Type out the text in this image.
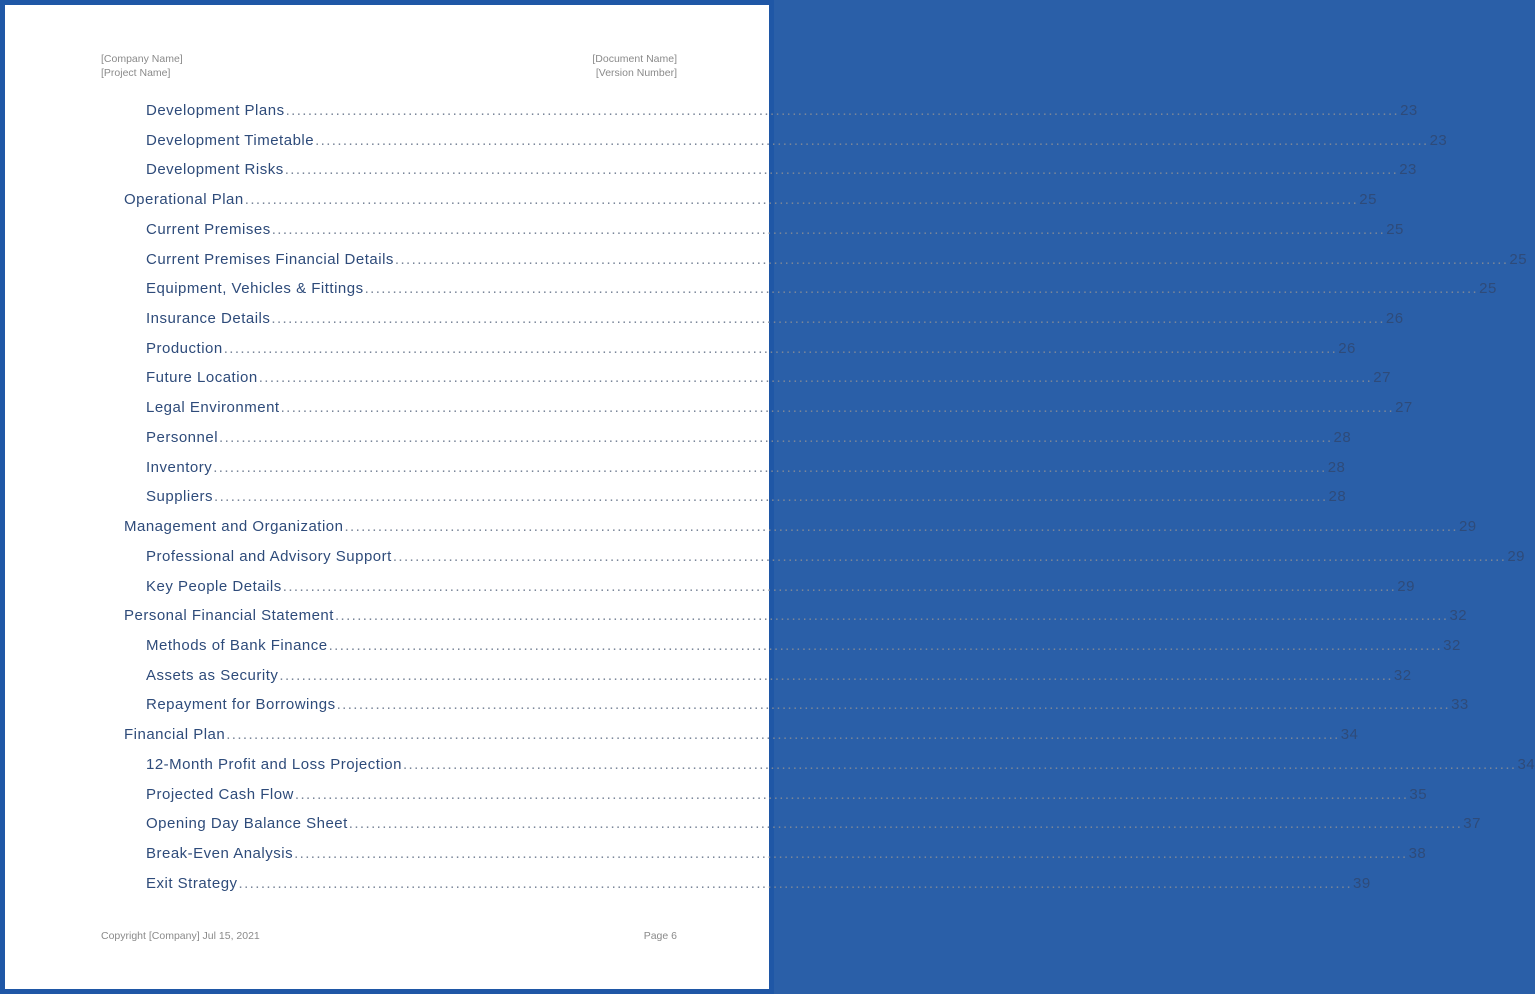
[Company Name]
[Project Name]
[Document Name]
[Version Number]
Development Plans ........................................................................................................................................................................................................ 23
Development Timetable ........................................................................................................................................................................................................ 23
Development Risks ........................................................................................................................................................................................................ 23
Operational Plan ........................................................................................................................................................................................................ 25
Current Premises ........................................................................................................................................................................................................ 25
Current Premises Financial Details ........................................................................................................................................................................................................ 25
Equipment, Vehicles & Fittings ........................................................................................................................................................................................................ 25
Insurance Details ........................................................................................................................................................................................................ 26
Production ........................................................................................................................................................................................................ 26
Future Location ........................................................................................................................................................................................................ 27
Legal Environment ........................................................................................................................................................................................................ 27
Personnel ........................................................................................................................................................................................................ 28
Inventory ........................................................................................................................................................................................................ 28
Suppliers ........................................................................................................................................................................................................ 28
Management and Organization ........................................................................................................................................................................................................ 29
Professional and Advisory Support ........................................................................................................................................................................................................ 29
Key People Details ........................................................................................................................................................................................................ 29
Personal Financial Statement ........................................................................................................................................................................................................ 32
Methods of Bank Finance ........................................................................................................................................................................................................ 32
Assets as Security ........................................................................................................................................................................................................ 32
Repayment for Borrowings ........................................................................................................................................................................................................ 33
Financial Plan ........................................................................................................................................................................................................ 34
12-Month Profit and Loss Projection ........................................................................................................................................................................................................ 34
Projected Cash Flow ........................................................................................................................................................................................................ 35
Opening Day Balance Sheet ........................................................................................................................................................................................................ 37
Break-Even Analysis ........................................................................................................................................................................................................ 38
Exit Strategy ........................................................................................................................................................................................................ 39
Copyright [Company] Jul 15, 2021	Page 6
